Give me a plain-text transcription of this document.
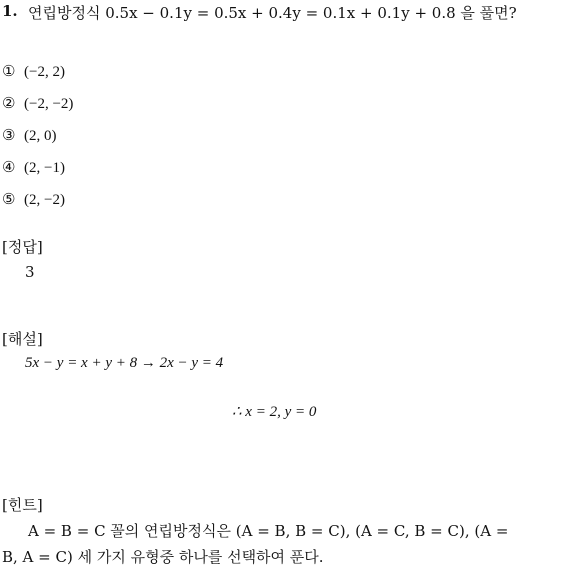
1. 연립방정식 0.5x − 0.1y = 0.5x + 0.4y = 0.1x + 0.1y + 0.8 을 풀면?
① (−2, 2)
② (−2, −2)
③ (2, 0)
④ (2, −1)
⑤ (2, −2)
[정답]
3
[해설]
5x − y = x + y + 8 → 2x − y = 4
∴ x = 2, y = 0
[힌트]
A = B = C 꼴의 연립방정식은 (A = B, B = C), (A = C, B = C), (A =
B, A = C) 세 가지 유형중 하나를 선택하여 푼다.
